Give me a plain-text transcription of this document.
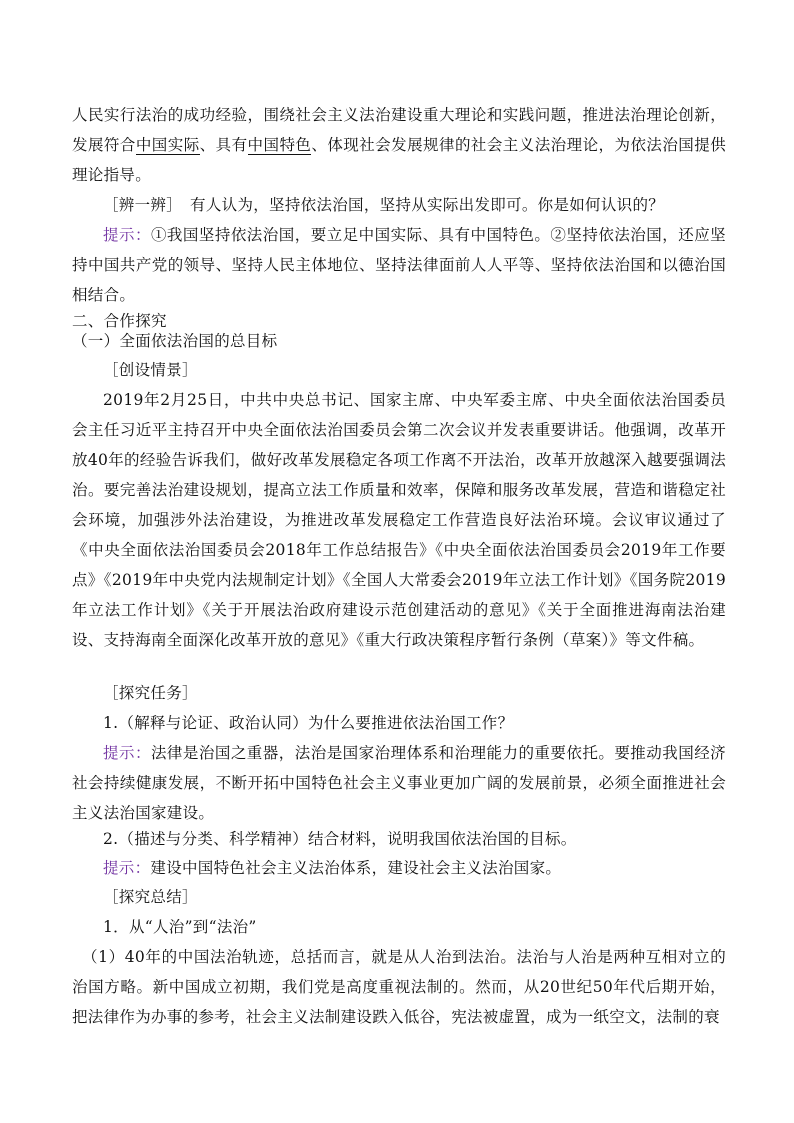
人民实行法治的成功经验，围绕社会主义法治建设重大理论和实践问题，推进法治理论创新，发展符合中国实际、具有中国特色、体现社会发展规律的社会主义法治理论，为依法治国提供理论指导。

［辨一辨］　有人认为，坚持依法治国，坚持从实际出发即可。你是如何认识的？

提示：①我国坚持依法治国，要立足中国实际、具有中国特色。②坚持依法治国，还应坚持中国共产党的领导、坚持人民主体地位、坚持法律面前人人平等、坚持依法治国和以德治国相结合。

二、合作探究

（一）全面依法治国的总目标

［创设情景］

2019年2月25日，中共中央总书记、国家主席、中央军委主席、中央全面依法治国委员会主任习近平主持召开中央全面依法治国委员会第二次会议并发表重要讲话。他强调，改革开放40年的经验告诉我们，做好改革发展稳定各项工作离不开法治，改革开放越深入越要强调法治。要完善法治建设规划，提高立法工作质量和效率，保障和服务改革发展，营造和谐稳定社会环境，加强涉外法治建设，为推进改革发展稳定工作营造良好法治环境。会议审议通过了《中央全面依法治国委员会2018年工作总结报告》《中央全面依法治国委员会2019年工作要点》《2019年中央党内法规制定计划》《全国人大常委会2019年立法工作计划》《国务院2019年立法工作计划》《关于开展法治政府建设示范创建活动的意见》《关于全面推进海南法治建设、支持海南全面深化改革开放的意见》《重大行政决策程序暂行条例（草案）》等文件稿。

［探究任务］

1.（解释与论证、政治认同）为什么要推进依法治国工作？

提示：法律是治国之重器，法治是国家治理体系和治理能力的重要依托。要推动我国经济社会持续健康发展，不断开拓中国特色社会主义事业更加广阔的发展前景，必须全面推进社会主义法治国家建设。

2.（描述与分类、科学精神）结合材料，说明我国依法治国的目标。

提示：建设中国特色社会主义法治体系，建设社会主义法治国家。

［探究总结］

1．从“人治”到“法治”

（1）40年的中国法治轨迹，总括而言，就是从人治到法治。法治与人治是两种互相对立的治国方略。新中国成立初期，我们党是高度重视法制的。然而，从20世纪50年代后期开始，把法律作为办事的参考，社会主义法制建设跌入低谷，宪法被虚置，成为一纸空文，法制的衰
